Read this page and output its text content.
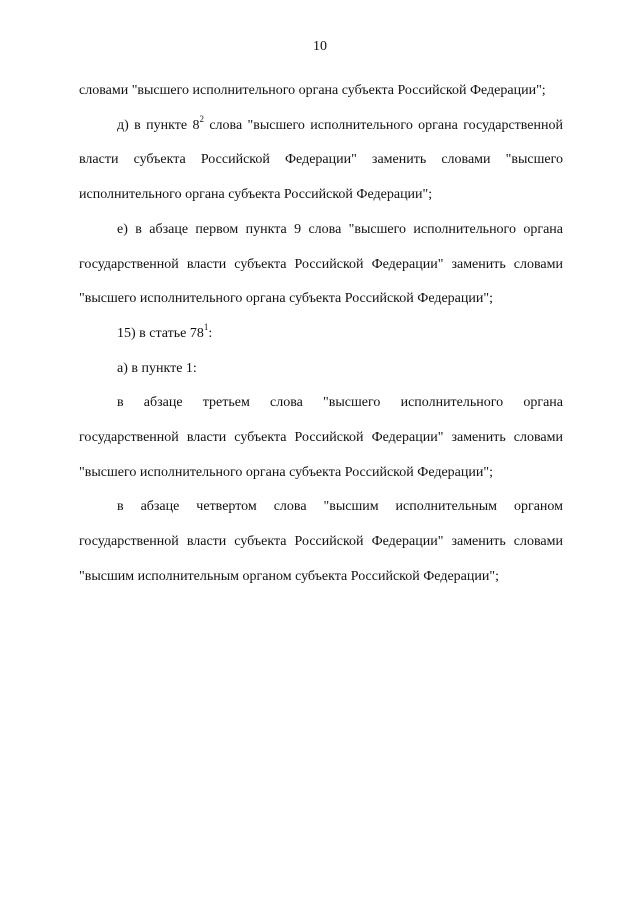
10

словами "высшего исполнительного органа субъекта Российской Федерации";

д) в пункте $8^2$ слова "высшего исполнительного органа государственной власти субъекта Российской Федерации" заменить словами "высшего исполнительного органа субъекта Российской Федерации";

е) в абзаце первом пункта 9 слова "высшего исполнительного органа государственной власти субъекта Российской Федерации" заменить словами "высшего исполнительного органа субъекта Российской Федерации";

15) в статье $78^1$:

а) в пункте 1:

в абзаце третьем слова "высшего исполнительного органа государственной власти субъекта Российской Федерации" заменить словами "высшего исполнительного органа субъекта Российской Федерации";

в абзаце четвертом слова "высшим исполнительным органом государственной власти субъекта Российской Федерации" заменить словами "высшим исполнительным органом субъекта Российской Федерации";
